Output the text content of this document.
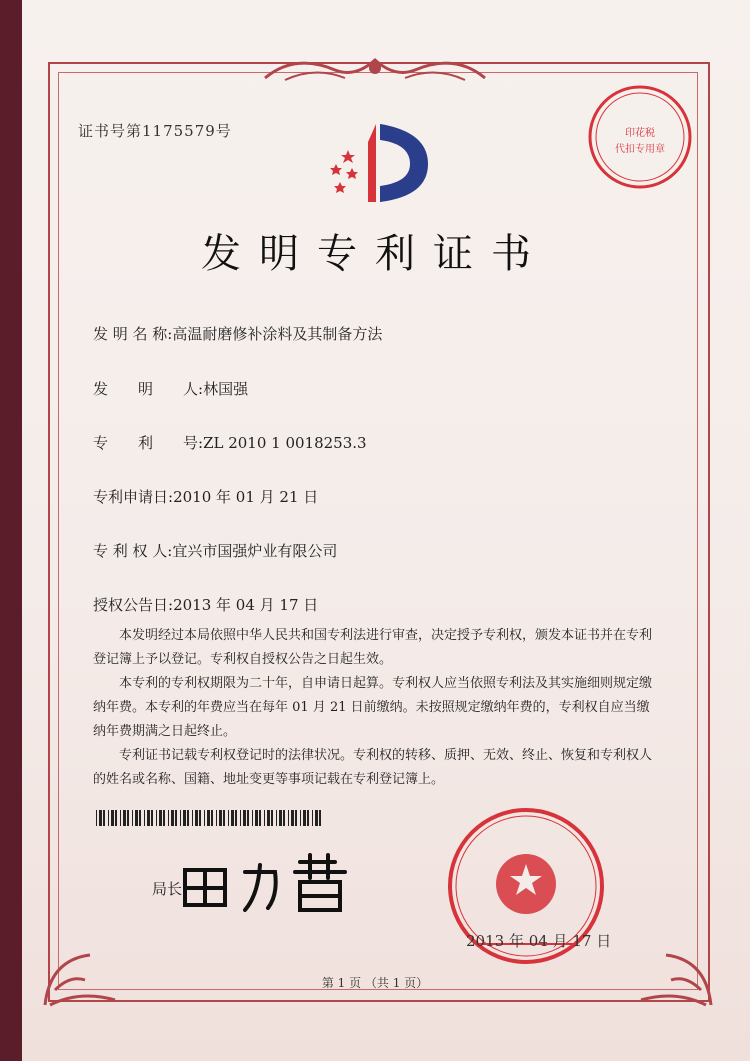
证书号第1175579号	印花税
代扣专用章
发明专利证书
发 明 名 称:高温耐磨修补涂料及其制备方法
发　　明　　人:林国强
专　　利　　号:ZL 2010 1 0018253.3
专利申请日:2010 年 01 月 21 日
专 利 权 人:宜兴市国强炉业有限公司
授权公告日:2013 年 04 月 17 日

本发明经过本局依照中华人民共和国专利法进行审查，决定授予专利权，颁发本证书并在专利登记簿上予以登记。专利权自授权公告之日起生效。

本专利的专利权期限为二十年，自申请日起算。专利权人应当依照专利法及其实施细则规定缴纳年费。本专利的年费应当在每年 01 月 21 日前缴纳。未按照规定缴纳年费的，专利权自应当缴纳年费期满之日起终止。

专利证书记载专利权登记时的法律状况。专利权的转移、质押、无效、终止、恢复和专利权人的姓名或名称、国籍、地址变更等事项记载在专利登记簿上。

局长
2013 年 04 月 17 日
第 1 页 （共 1 页）
